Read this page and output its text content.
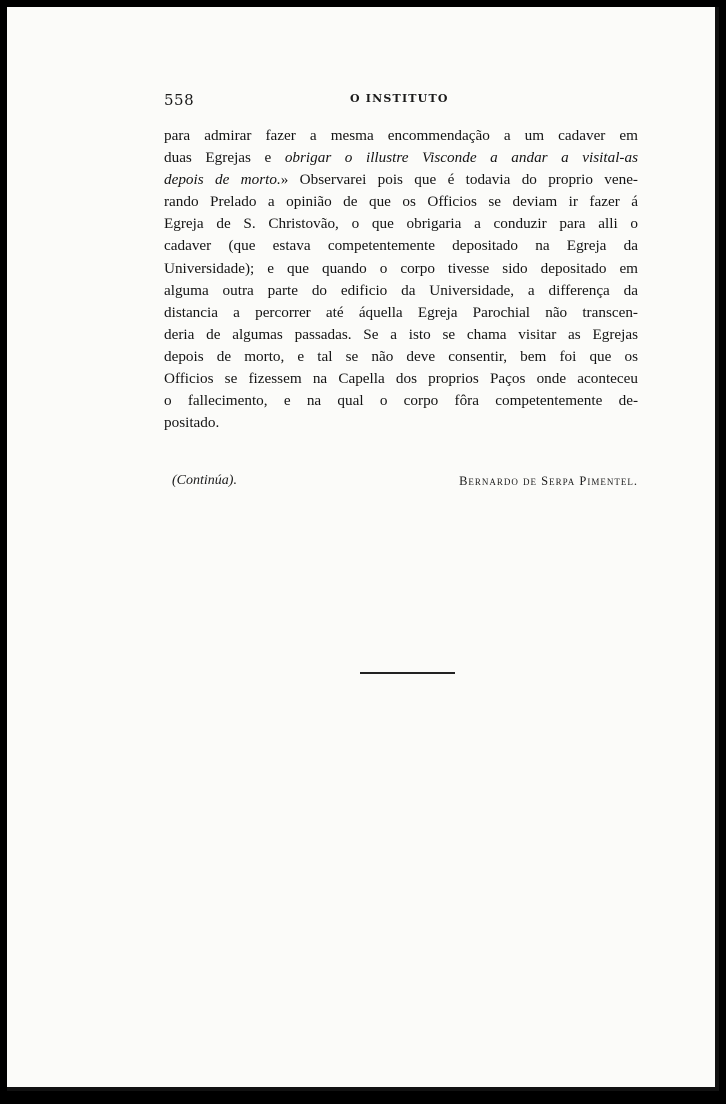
558	O INSTITUTO

para admirar fazer a mesma encommendação a um cadaver em
duas Egrejas e obrigar o illustre Visconde a andar a visital-as
depois de morto.» Observarei pois que é todavia do proprio vene-
rando Prelado a opinião de que os Officios se deviam ir fazer á
Egreja de S. Christovão, o que obrigaria a conduzir para alli o
cadaver (que estava competentemente depositado na Egreja da
Universidade); e que quando o corpo tivesse sido depositado em
alguma outra parte do edificio da Universidade, a differença da
distancia a percorrer até áquella Egreja Parochial não transcen-
deria de algumas passadas. Se a isto se chama visitar as Egrejas
depois de morto, e tal se não deve consentir, bem foi que os
Officios se fizessem na Capella dos proprios Paços onde aconteceu
o fallecimento, e na qual o corpo fôra competentemente de-
positado.

(Continúa).	Bernardo de Serpa Pimentel.
